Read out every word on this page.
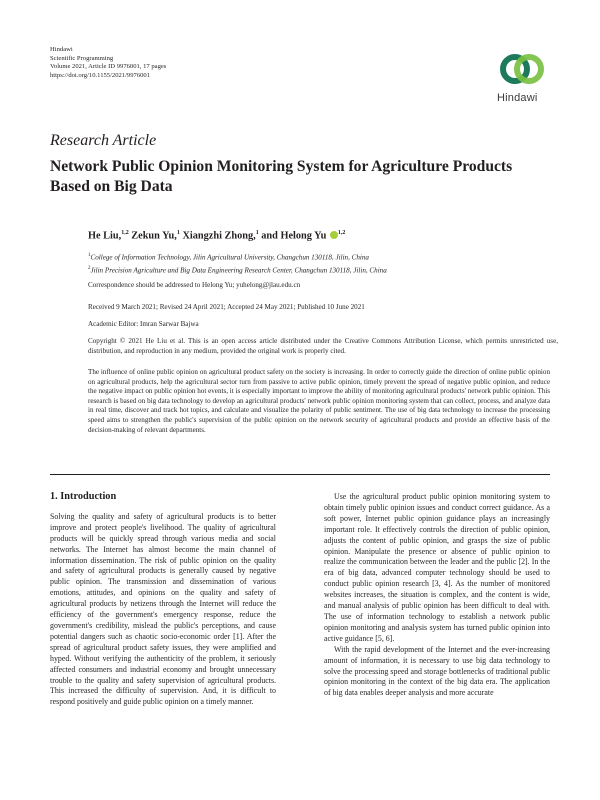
Hindawi
Scientific Programming
Volume 2021, Article ID 9976001, 17 pages
https://doi.org/10.1155/2021/9976001
Hindawi
Research Article
Network Public Opinion Monitoring System for Agriculture Products Based on Big Data
He Liu,$^{1,2}$ Zekun Yu,$^1$ Xiangzhi Zhong,$^1$ and Helong Yu $^{1,2}$
$^1$College of Information Technology, Jilin Agricultural University, Changchun 130118, Jilin, China
$^2$Jilin Precision Agriculture and Big Data Engineering Research Center, Changchun 130118, Jilin, China
Correspondence should be addressed to Helong Yu; yuhelong@jlau.edu.cn
Received 9 March 2021; Revised 24 April 2021; Accepted 24 May 2021; Published 10 June 2021
Academic Editor: Imran Sarwar Bajwa
Copyright © 2021 He Liu et al. This is an open access article distributed under the Creative Commons Attribution License, which permits unrestricted use, distribution, and reproduction in any medium, provided the original work is properly cited.

The influence of online public opinion on agricultural product safety on the society is increasing. In order to correctly guide the direction of online public opinion on agricultural products, help the agricultural sector turn from passive to active public opinion, timely prevent the spread of negative public opinion, and reduce the negative impact on public opinion hot events, it is especially important to improve the ability of monitoring agricultural products' network public opinion. This research is based on big data technology to develop an agricultural products' network public opinion monitoring system that can collect, process, and analyze data in real time, discover and track hot topics, and calculate and visualize the polarity of public sentiment. The use of big data technology to increase the processing speed aims to strengthen the public's supervision of the public opinion on the network security of agricultural products and provide an effective basis of the decision-making of relevant departments.

1. Introduction

Solving the quality and safety of agricultural products is to better improve and protect people's livelihood. The quality of agricultural products will be quickly spread through various media and social networks. The Internet has almost become the main channel of information dissemination. The risk of public opinion on the quality and safety of agricultural products is generally caused by negative public opinion. The transmission and dissemination of various emotions, attitudes, and opinions on the quality and safety of agricultural products by netizens through the Internet will reduce the efficiency of the government's emergency response, reduce the government's credibility, mislead the public's perceptions, and cause potential dangers such as chaotic socio-economic order [1]. After the spread of agricultural product safety issues, they were amplified and hyped. Without verifying the authenticity of the problem, it seriously affected consumers and industrial economy and brought unnecessary trouble to the quality and safety supervision of agricultural products. This increased the difficulty of supervision. And, it is difficult to respond positively and guide public opinion on a timely manner.

Use the agricultural product public opinion monitoring system to obtain timely public opinion issues and conduct correct guidance. As a soft power, Internet public opinion guidance plays an increasingly important role. It effectively controls the direction of public opinion, adjusts the content of public opinion, and grasps the size of public opinion. Manipulate the presence or absence of public opinion to realize the communication between the leader and the public [2]. In the era of big data, advanced computer technology should be used to conduct public opinion research [3, 4]. As the number of monitored websites increases, the situation is complex, and the content is wide, and manual analysis of public opinion has been difficult to deal with. The use of information technology to establish a network public opinion monitoring and analysis system has turned public opinion into active guidance [5, 6].

With the rapid development of the Internet and the ever-increasing amount of information, it is necessary to use big data technology to solve the processing speed and storage bottlenecks of traditional public opinion monitoring in the context of the big data era. The application of big data enables deeper analysis and more accurate
